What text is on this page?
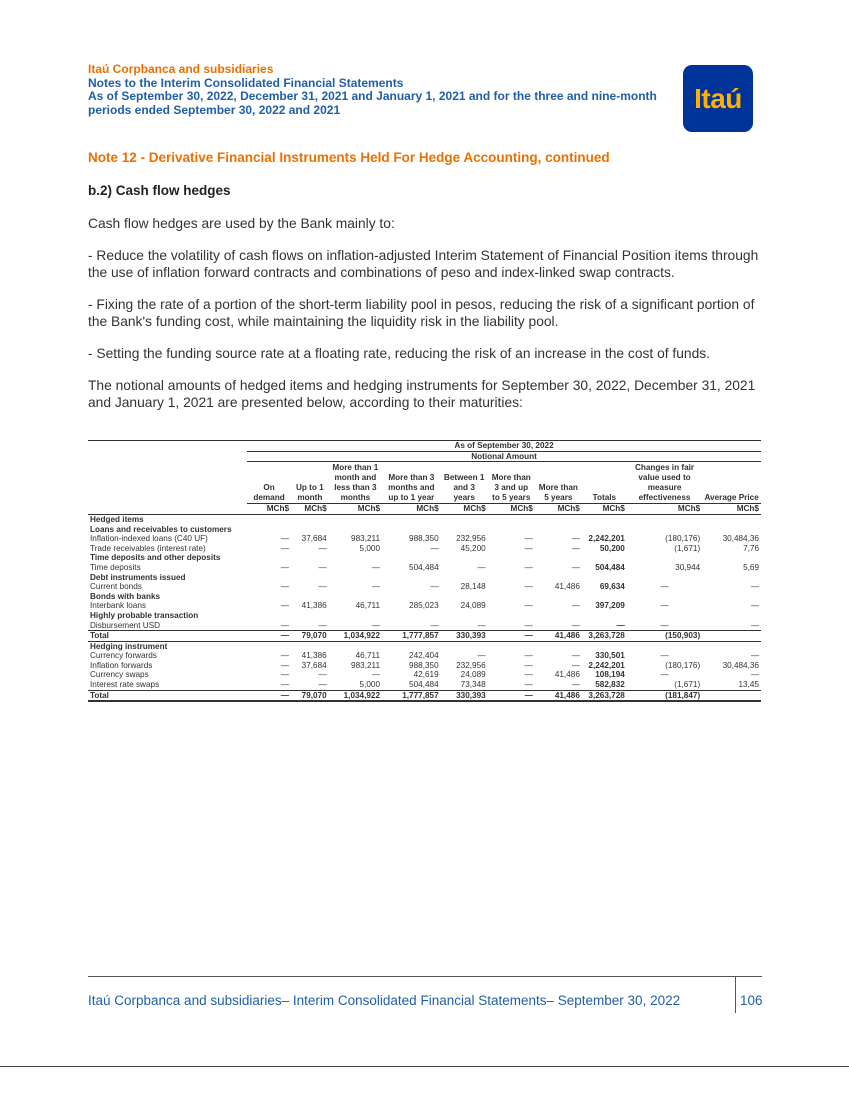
Itaú Corpbanca and subsidiaries
Notes to the Interim Consolidated Financial Statements
As of September 30, 2022, December 31, 2021 and January 1, 2021 and for the three and nine-month periods ended September 30, 2022 and 2021	Itaú
Note 12 - Derivative Financial Instruments Held For Hedge Accounting, continued
b.2) Cash flow hedges
Cash flow hedges are used by the Bank mainly to:
- Reduce the volatility of cash flows on inflation-adjusted Interim Statement of Financial Position items through the use of inflation forward contracts and combinations of peso and index-linked swap contracts.
- Fixing the rate of a portion of the short-term liability pool in pesos, reducing the risk of a significant portion of the Bank's funding cost, while maintaining the liquidity risk in the liability pool.
- Setting the funding source rate at a floating rate, reducing the risk of an increase in the cost of funds.
The notional amounts of hedged items and hedging instruments for September 30, 2022, December 31, 2021 and January 1, 2021 are presented below, according to their maturities:
	As of September 30, 2022									
	Notional Amount									
	On demand	Up to 1 month	More than 1 month and less than 3 months	More than 3 months and up to 1 year	Between 1 and 3 years	More than 3 and up to 5 years	More than 5 years	Totals	Changes in fair value used to measure effectiveness	Average Price
	MCh$	MCh$	MCh$	MCh$	MCh$	MCh$	MCh$	MCh$	MCh$	MCh$
Hedged items										
Loans and receivables to customers										
Inflation-indexed loans (C40 UF)	—	37,684	983,211	988,350	232,956	—	—	2,242,201	(180,176)	30,484,36
Trade receivables (interest rate)	—	—	5,000	—	45,200	—	—	50,200	(1,671)	7,76
Time deposits and other deposits										
Time deposits	—	—	—	504,484	—	—	—	504,484	30,944	5,69
Debt instruments issued										
Current bonds	—	—	—	—	28,148	—	41,486	69,634	—	—
Bonds with banks										
Interbank loans	—	41,386	46,711	285,023	24,089	—	—	397,209	—	—
Highly probable transaction										
Disbursement USD	—	—	—	—	—	—	—	—	—	—
Total	—	79,070	1,034,922	1,777,857	330,393	—	41,486	3,263,728	(150,903)	
Hedging instrument										
Currency forwards	—	41,386	46,711	242,404	—	—	—	330,501	—	—
Inflation forwards	—	37,684	983,211	988,350	232,956	—	—	2,242,201	(180,176)	30,484,36
Currency swaps	—	—	—	42,619	24,089	—	41,486	108,194	—	—
Interest rate swaps	—	—	5,000	504,484	73,348	—	—	582,832	(1,671)	13,45
Total	—	79,070	1,034,922	1,777,857	330,393	—	41,486	3,263,728	(181,847)	
Itaú Corpbanca and subsidiaries– Interim Consolidated Financial Statements– September 30, 2022	106
